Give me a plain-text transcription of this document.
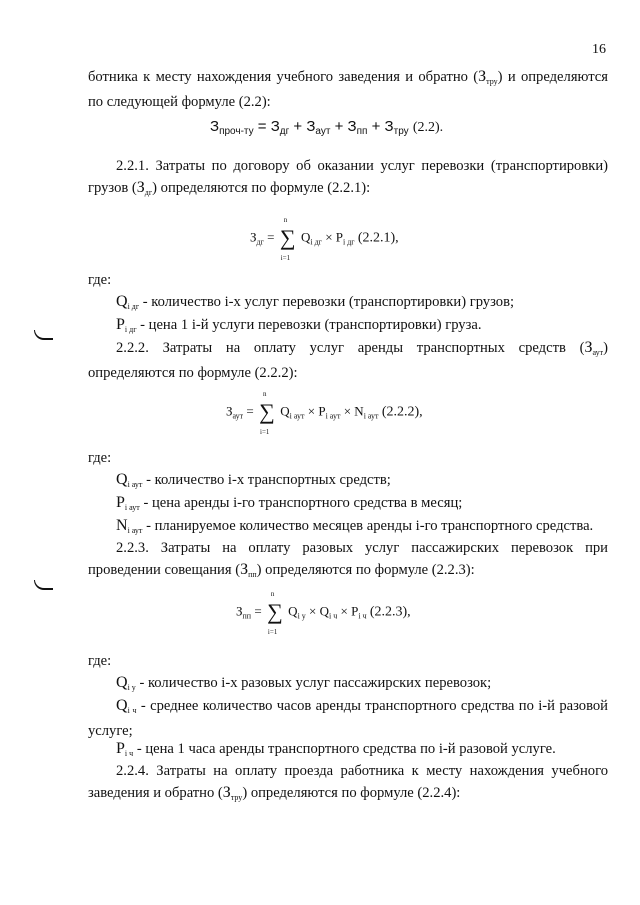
16
ботника к месту нахождения учебного заведения и обратно $(З_{тру})$ и определяются по следующей формуле (2.2):
$З_{проч-ту} = З_{дг} + З_{аут} + З_{пп} + З_{тру}$ (2.2).
2.2.1. Затраты по договору об оказании услуг перевозки (транспортировки) грузов $(З_{дг})$ определяются по формуле (2.2.1):
$З_{дг}$ =
n
∑
i=1
$Q_{i дг} \times P_{i дг}$ (2.2.1),
где:
$Q_{i дг}$ - количество i-х услуг перевозки (транспортировки) грузов;
$P_{i дг}$ - цена 1 i-й услуги перевозки (транспортировки) груза.
2.2.2. Затраты на оплату услуг аренды транспортных средств $(З_{аут})$ определяются по формуле (2.2.2):
$З_{аут}$ =
n
∑
i=1
$Q_{i аут} \times P_{i аут} \times N_{i аут}$ (2.2.2),
где:
$Q_{i аут}$ - количество i-х транспортных средств;
$P_{i аут}$ - цена аренды i-го транспортного средства в месяц;
$N_{i аут}$ - планируемое количество месяцев аренды i-го транспортного средства.
2.2.3. Затраты на оплату разовых услуг пассажирских перевозок при проведении совещания $(З_{пп})$ определяются по формуле (2.2.3):
$З_{пп}$ =
n
∑
i=1
$Q_{i у} \times Q_{i ч} \times P_{i ч}$ (2.2.3),
где:
$Q_{i у}$ - количество i-х разовых услуг пассажирских перевозок;
$Q_{i ч}$ - среднее количество часов аренды транспортного средства по i-й разовой услуге;
$P_{i ч}$ - цена 1 часа аренды транспортного средства по i-й разовой услуге.
2.2.4. Затраты на оплату проезда работника к месту нахождения учебного заведения и обратно $(З_{тру})$ определяются по формуле (2.2.4):
